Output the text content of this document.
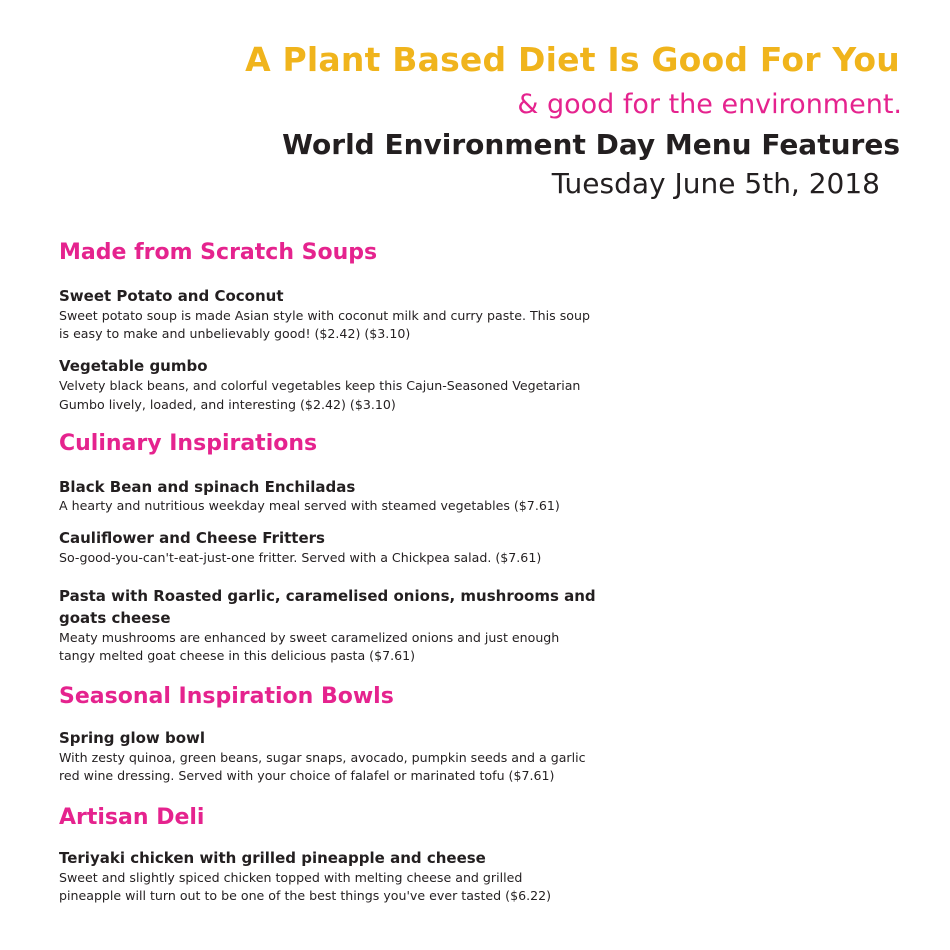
A Plant Based Diet Is Good For You
& good for the environment.
World Environment Day Menu Features
Tuesday June 5th, 2018
Made from Scratch Soups
Sweet Potato and Coconut
Sweet potato soup is made Asian style with coconut milk and curry paste. This soup
is easy to make and unbelievably good! ($2.42) ($3.10)
Vegetable gumbo
Velvety black beans, and colorful vegetables keep this Cajun-Seasoned Vegetarian
Gumbo lively, loaded, and interesting ($2.42) ($3.10)
Culinary Inspirations
Black Bean and spinach Enchiladas
A hearty and nutritious weekday meal served with steamed vegetables ($7.61)
Cauliflower and Cheese Fritters
So-good-you-can't-eat-just-one fritter. Served with a Chickpea salad. ($7.61)
Pasta with Roasted garlic, caramelised onions, mushrooms and
goats cheese
Meaty mushrooms are enhanced by sweet caramelized onions and just enough
tangy melted goat cheese in this delicious pasta ($7.61)
Seasonal Inspiration Bowls
Spring glow bowl
With zesty quinoa, green beans, sugar snaps, avocado, pumpkin seeds and a garlic
red wine dressing. Served with your choice of falafel or marinated tofu ($7.61)
Artisan Deli
Teriyaki chicken with grilled pineapple and cheese
Sweet and slightly spiced chicken topped with melting cheese and grilled
pineapple will turn out to be one of the best things you've ever tasted ($6.22)
